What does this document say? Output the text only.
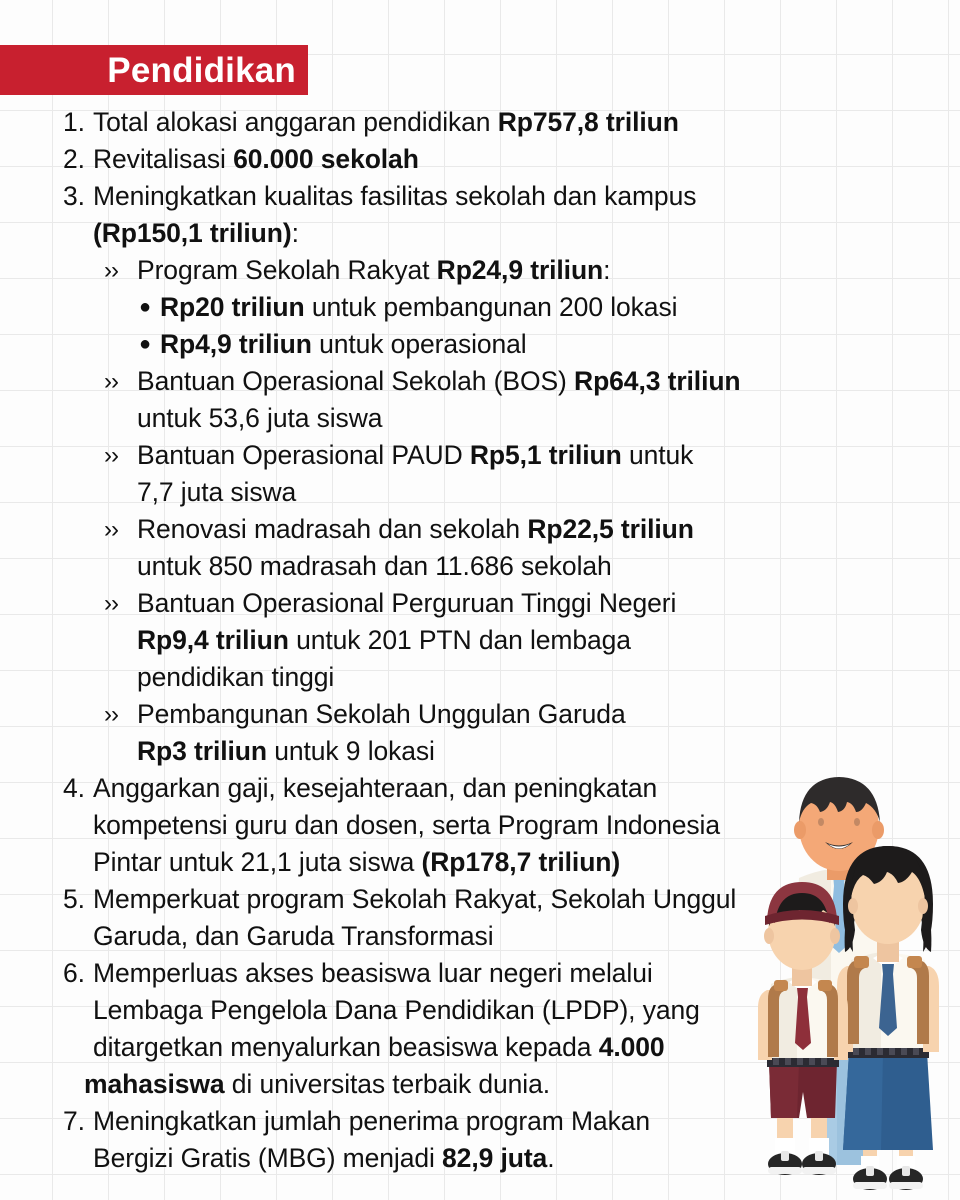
Pendidikan
1. Total alokasi anggaran pendidikan Rp757,8 triliun
2. Revitalisasi 60.000 sekolah
3. Meningkatkan kualitas fasilitas sekolah dan kampus
(Rp150,1 triliun):
›› Program Sekolah Rakyat Rp24,9 triliun:
● Rp20 triliun untuk pembangunan 200 lokasi
● Rp4,9 triliun untuk operasional
›› Bantuan Operasional Sekolah (BOS) Rp64,3 triliun
untuk 53,6 juta siswa
›› Bantuan Operasional PAUD Rp5,1 triliun untuk
7,7 juta siswa
›› Renovasi madrasah dan sekolah Rp22,5 triliun
untuk 850 madrasah dan 11.686 sekolah
›› Bantuan Operasional Perguruan Tinggi Negeri
Rp9,4 triliun untuk 201 PTN dan lembaga
pendidikan tinggi
›› Pembangunan Sekolah Unggulan Garuda
Rp3 triliun untuk 9 lokasi
4. Anggarkan gaji, kesejahteraan, dan peningkatan
kompetensi guru dan dosen, serta Program Indonesia
Pintar untuk 21,1 juta siswa (Rp178,7 triliun)
5. Memperkuat program Sekolah Rakyat, Sekolah Unggul
Garuda, dan Garuda Transformasi
6. Memperluas akses beasiswa luar negeri melalui
Lembaga Pengelola Dana Pendidikan (LPDP), yang
ditargetkan menyalurkan beasiswa kepada 4.000
mahasiswa di universitas terbaik dunia.
7. Meningkatkan jumlah penerima program Makan
Bergizi Gratis (MBG) menjadi 82,9 juta.
